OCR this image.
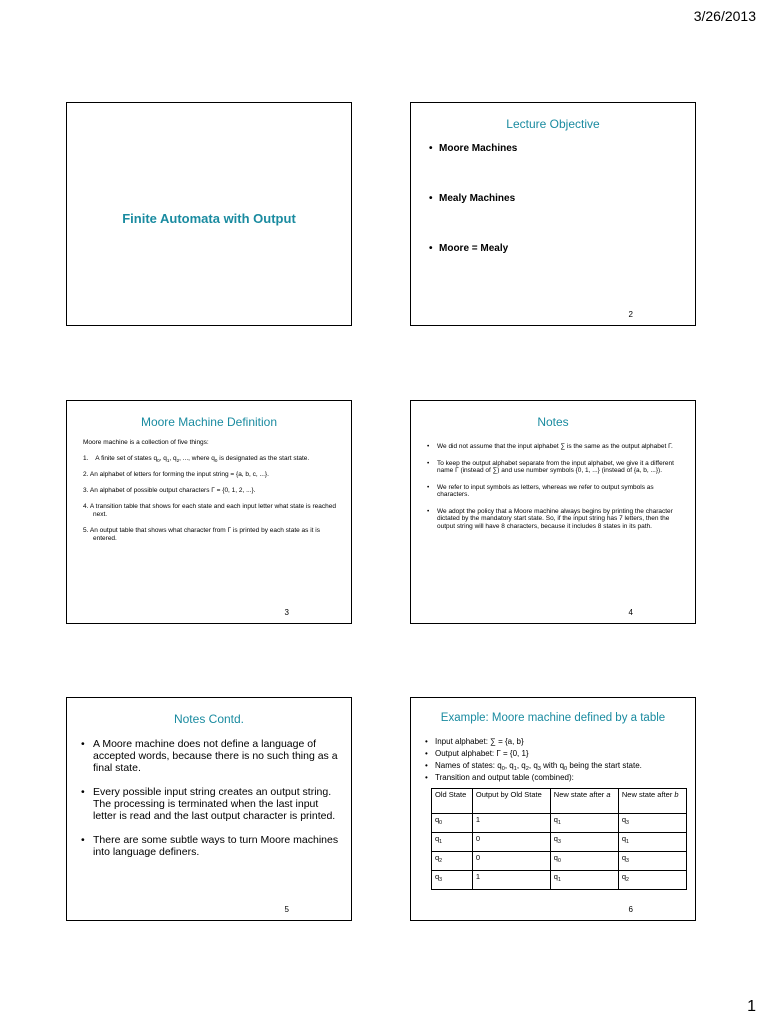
3/26/2013
Finite Automata with Output
Lecture Objective
• Moore Machines
• Mealy Machines
• Moore = Mealy
2
Moore Machine Definition

Moore machine is a collection of five things:

1.    A finite set of states $q_0$, $q_1$, $q_2$, ..., where $q_0$ is designated as the start state.

2. An alphabet of letters for forming the input string = {a, b, c, ...}.

3. An alphabet of possible output characters Γ = {0, 1, 2, ...}.

4. A transition table that shows for each state and each input letter what state is reached next.

5. An output table that shows what character from Γ is printed by each state as it is entered.

3
Notes
• We did not assume that the input alphabet ∑ is the same as the output alphabet Γ.
• To keep the output alphabet separate from the input alphabet, we give it a different name Γ (instead of ∑) and use number symbols {0, 1, ...} (instead of {a, b, ...}).
• We refer to input symbols as letters, whereas we refer to output symbols as characters.
• We adopt the policy that a Moore machine always begins by printing the character dictated by the mandatory start state. So, if the input string has 7 letters, then the output string will have 8 characters, because it includes 8 states in its path.
4
Notes Contd.
• A Moore machine does not define a language of accepted words, because there is no such thing as a final state.
• Every possible input string creates an output string. The processing is terminated when the last input letter is read and the last output character is printed.
• There are some subtle ways to turn Moore machines into language definers.
5
Example: Moore machine defined by a table
• Input alphabet: ∑ = {a, b}
• Output alphabet: Γ = {0, 1}
• Names of states: $q_0$, $q_1$, $q_2$, $q_3$ with $q_0$ being the start state.
• Transition and output table (combined):
Old State	Output by Old State	New state after a	New state after b
$q_0$	1	$q_1$	$q_3$
$q_1$	0	$q_3$	$q_1$
$q_2$	0	$q_0$	$q_3$
$q_3$	1	$q_1$	$q_2$
6
1
